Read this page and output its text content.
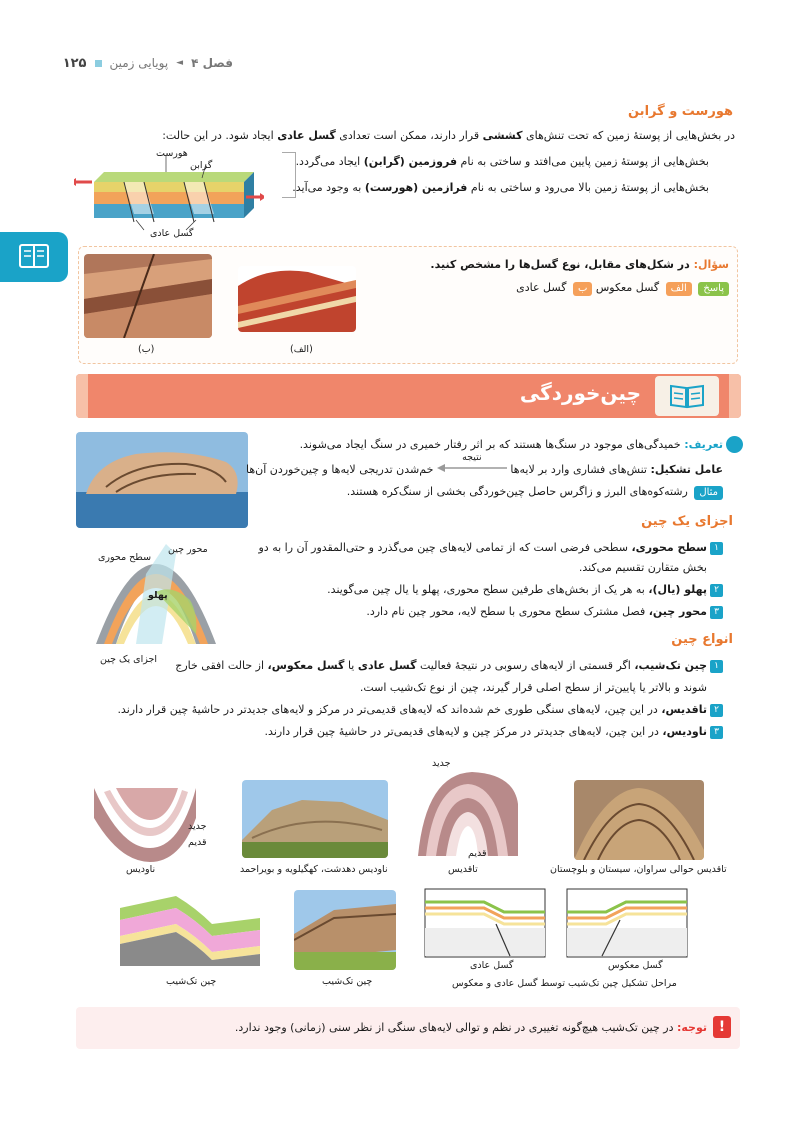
فصل ۴
◄
پویایی زمین
۱۲۵
هورست و گرابن
در بخش‌هایی از پوستهٔ زمین که تحت تنش‌های کششی قرار دارند، ممکن است تعدادی گسل عادی ایجاد شود. در این حالت:
بخش‌هایی از پوستهٔ زمین پایین می‌افتد و ساختی به نام فروزمین (گرابن) ایجاد می‌گردد.
بخش‌هایی از پوستهٔ زمین بالا می‌رود و ساختی به نام فرازمین (هورست) به وجود می‌آید.
هورست
گرابن
گسل عادی
سؤال: در شکل‌های مقابل، نوع گسل‌ها را مشخص کنید.
پاسخ الف گسل معکوس ب گسل عادی
(ب)	(الف)
چین‌خوردگی
تعریف: خمیدگی‌های موجود در سنگ‌ها هستند که بر اثر رفتار خمیری در سنگ ایجاد می‌شوند.
عامل تشکیل: تنش‌های فشاری وارد بر لایه‌ها
نتیجه
خم‌شدن تدریجی لایه‌ها و چین‌خوردن آن‌ها
مثال رشته‌کوه‌های البرز و زاگرس حاصل چین‌خوردگی بخشی از سنگ‌کره هستند.
اجزای یک چین
۱سطح محوری، سطحی فرضی است که از تمامی لایه‌های چین می‌گذرد و حتی‌المقدور آن را به دو
بخش متقارن تقسیم می‌کند.
۲پهلو (یال)، به هر یک از بخش‌های طرفین سطح محوری، پهلو یا یال چین می‌گویند.
۳محور چین، فصل مشترک سطح محوری با سطح لایه، محور چین نام دارد.
محور چین
سطح محوری
پهلو
اجزای یک چین
انواع چین
۱چین تک‌شیب، اگر قسمتی از لایه‌های رسوبی در نتیجهٔ فعالیت گسل عادی یا گسل معکوس، از حالت افقی خارج
شوند و بالاتر یا پایین‌تر از سطح اصلی قرار گیرند، چین از نوع تک‌شیب است.
۲تاقدیس، در این چین، لایه‌های سنگی طوری خم شده‌اند که لایه‌های قدیمی‌تر در مرکز و لایه‌های جدیدتر در حاشیهٔ چین قرار دارند.
۳ناودیس، در این چین، لایه‌های جدیدتر در مرکز چین و لایه‌های قدیمی‌تر در حاشیهٔ چین قرار دارند.
جدید
قدیم
ناودیس	ناودیس دهدشت، کهگیلویه و بویراحمد
جدید
قدیم
تاقدیس	تاقدیس حوالی سراوان، سیستان و بلوچستان
چین تک‌شیب	چین تک‌شیب
گسل عادی	گسل معکوس
مراحل تشکیل چین تک‌شیب توسط گسل عادی و معکوس
!
توجه: در چین تک‌شیب هیچ‌گونه تغییری در نظم و توالی لایه‌های سنگی از نظر سنی (زمانی) وجود ندارد.
